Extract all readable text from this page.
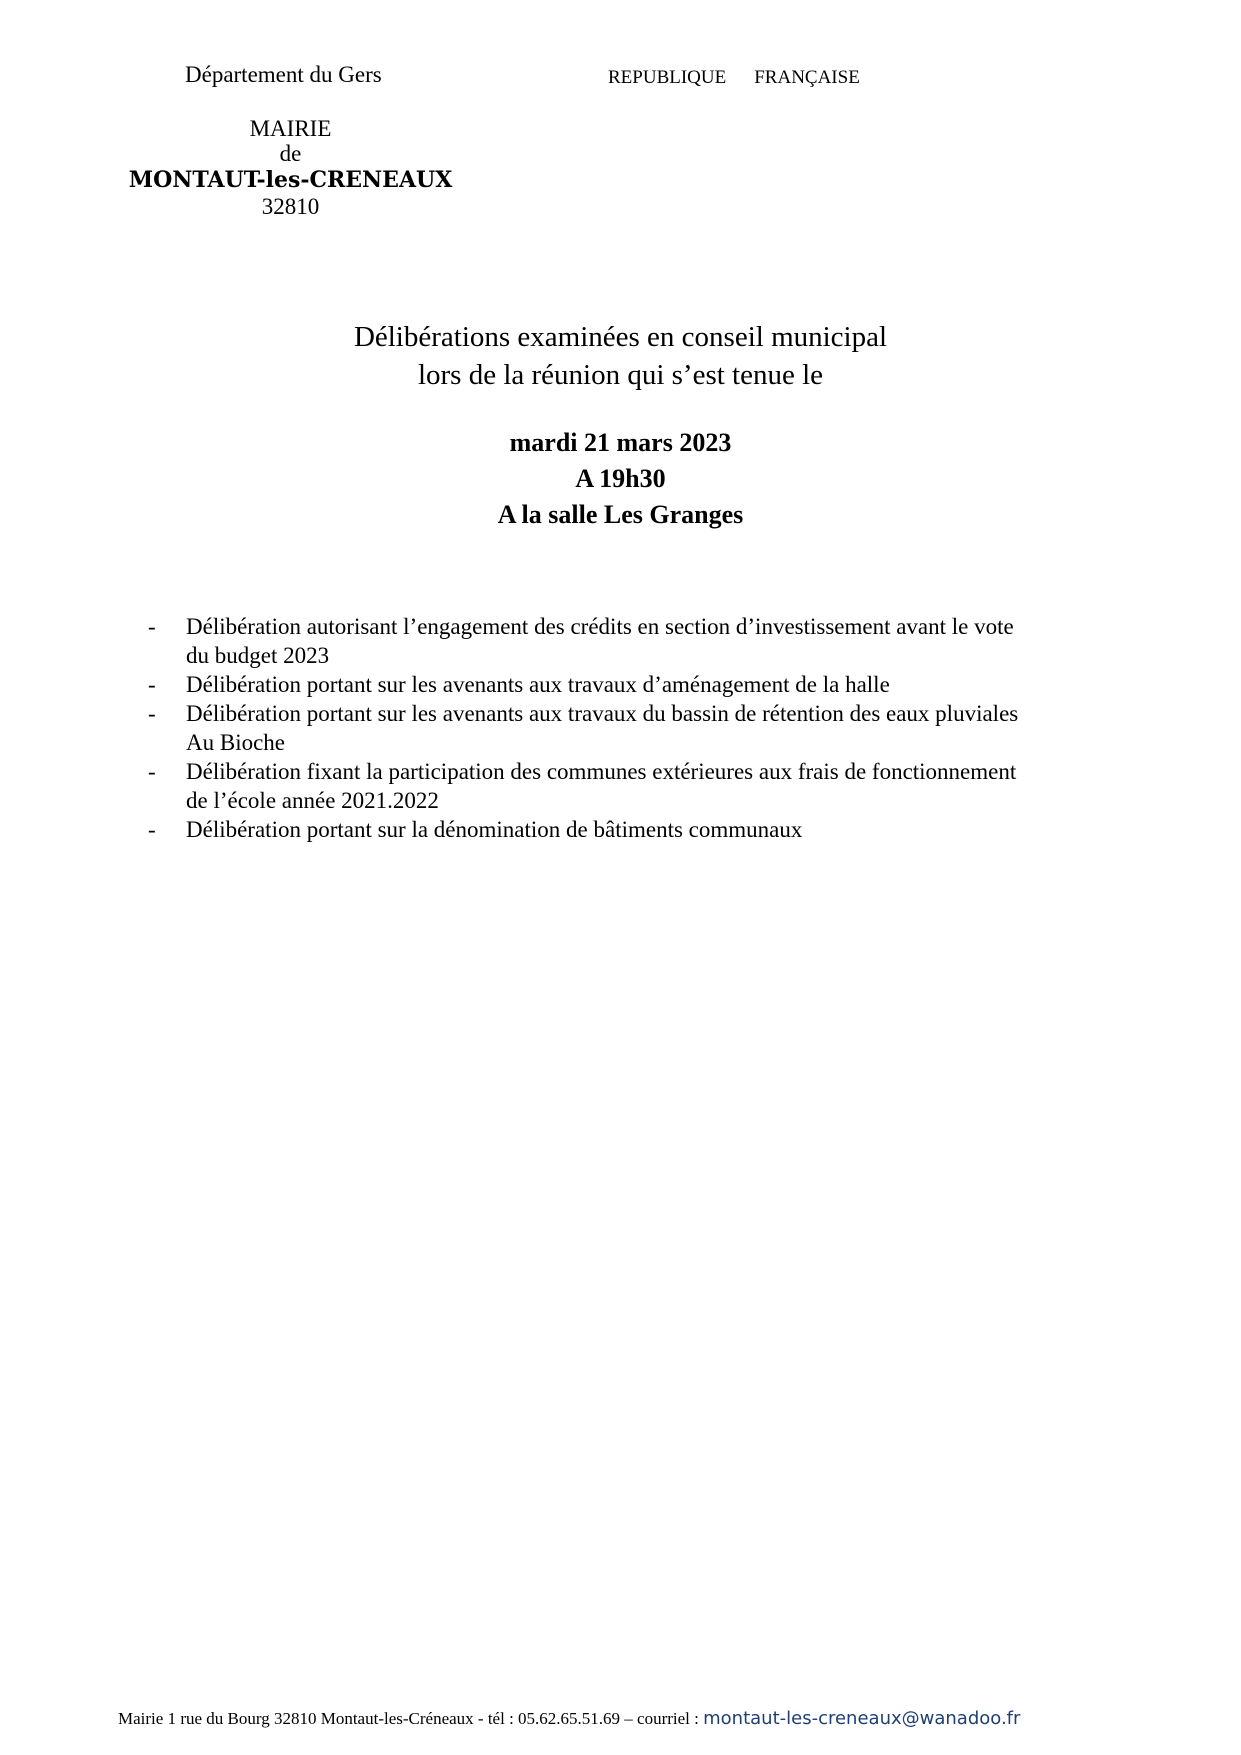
Département du Gers	REPUBLIQUE FRANÇAISE
MAIRIE
de
MONTAUT-les-CRENEAUX
32810
Délibérations examinées en conseil municipal
lors de la réunion qui s’est tenue le
mardi 21 mars 2023
A 19h30
A la salle Les Granges
- Délibération autorisant l’engagement des crédits en section d’investissement avant le vote
du budget 2023
- Délibération portant sur les avenants aux travaux d’aménagement de la halle
- Délibération portant sur les avenants aux travaux du bassin de rétention des eaux pluviales
Au Bioche
- Délibération fixant la participation des communes extérieures aux frais de fonctionnement
de l’école année 2021.2022
- Délibération portant sur la dénomination de bâtiments communaux
Mairie 1 rue du Bourg 32810 Montaut-les-Créneaux - tél : 05.62.65.51.69 – courriel : montaut-les-creneaux@wanadoo.fr
